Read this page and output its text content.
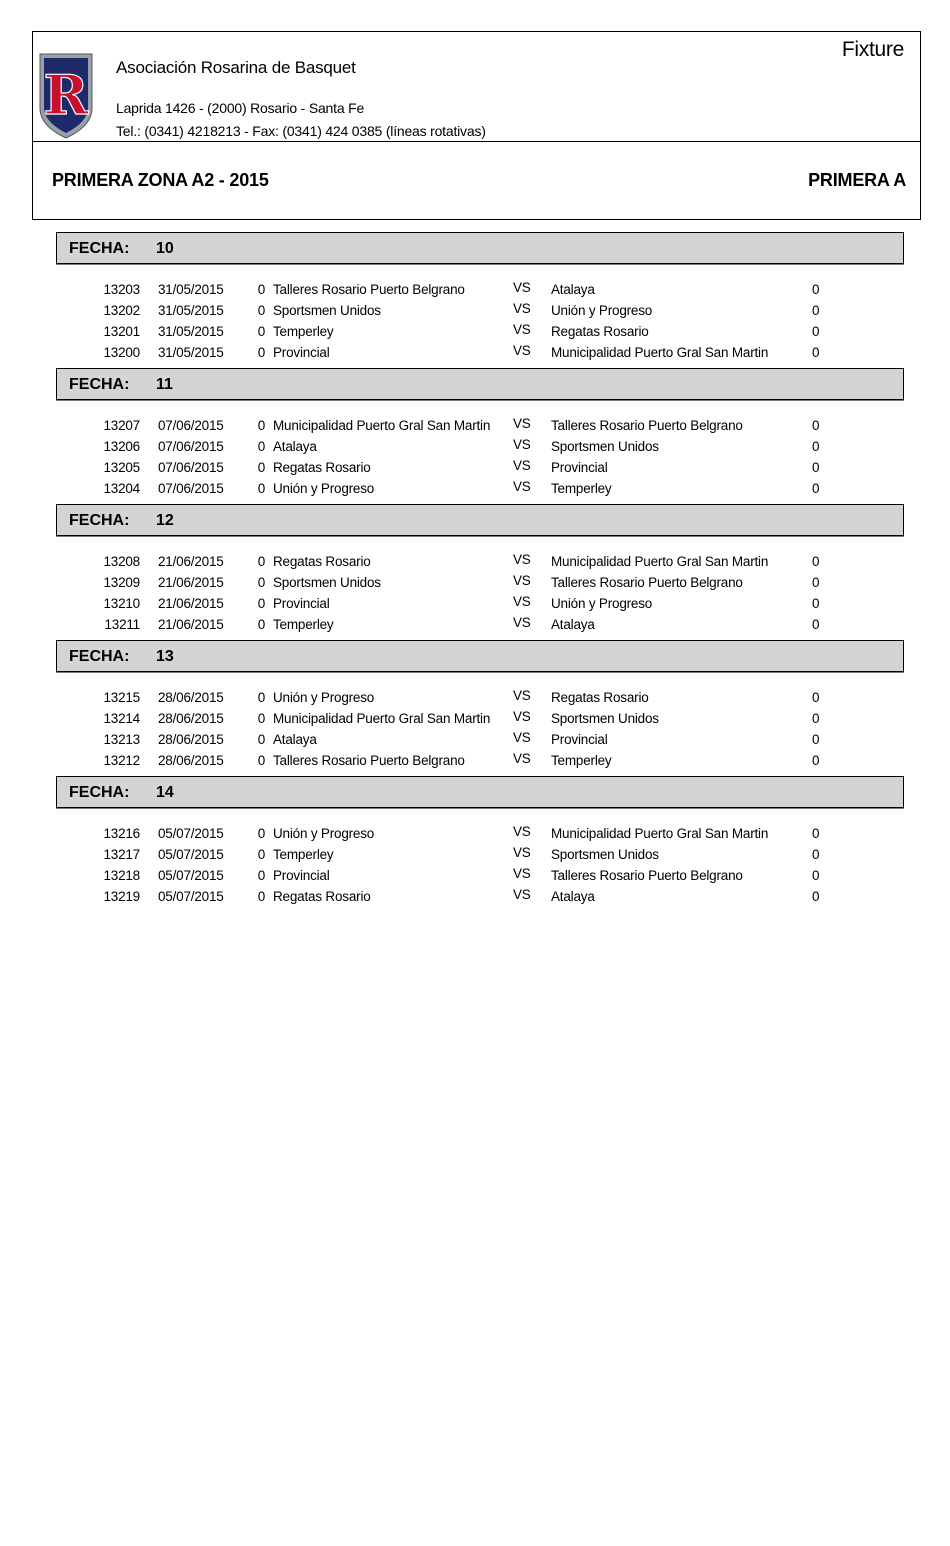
R Asociación Rosarina de Basquet
Laprida 1426 - (2000) Rosario - Santa Fe
Tel.: (0341) 4218213 - Fax: (0341) 424 0385 (líneas rotativas)
Fixture
PRIMERA ZONA A2 - 2015	PRIMERA A
FECHA: 10
13203 31/05/2015	0 Talleres Rosario Puerto Belgrano	VS Atalaya	0
13202 31/05/2015	0 Sportsmen Unidos	VS Unión y Progreso	0
13201 31/05/2015	0 Temperley	VS Regatas Rosario	0
13200 31/05/2015	0 Provincial	VS Municipalidad Puerto Gral San Martin	0
FECHA: 11
13207 07/06/2015	0 Municipalidad Puerto Gral San Martin VS Talleres Rosario Puerto Belgrano	0
13206 07/06/2015	0 Atalaya	VS Sportsmen Unidos	0
13205 07/06/2015	0 Regatas Rosario	VS Provincial	0
13204 07/06/2015	0 Unión y Progreso	VS Temperley	0
FECHA: 12
13208 21/06/2015	0 Regatas Rosario	VS Municipalidad Puerto Gral San Martin	0
13209 21/06/2015	0 Sportsmen Unidos	VS Talleres Rosario Puerto Belgrano	0
13210 21/06/2015	0 Provincial	VS Unión y Progreso	0
13211 21/06/2015	0 Temperley	VS Atalaya	0
FECHA: 13
13215 28/06/2015	0 Unión y Progreso	VS Regatas Rosario	0
13214 28/06/2015	0 Municipalidad Puerto Gral San Martin VS Sportsmen Unidos	0
13213 28/06/2015	0 Atalaya	VS Provincial	0
13212 28/06/2015	0 Talleres Rosario Puerto Belgrano	VS Temperley	0
FECHA: 14
13216 05/07/2015	0 Unión y Progreso	VS Municipalidad Puerto Gral San Martin	0
13217 05/07/2015	0 Temperley	VS Sportsmen Unidos	0
13218 05/07/2015	0 Provincial	VS Talleres Rosario Puerto Belgrano	0
13219 05/07/2015	0 Regatas Rosario	VS Atalaya	0
